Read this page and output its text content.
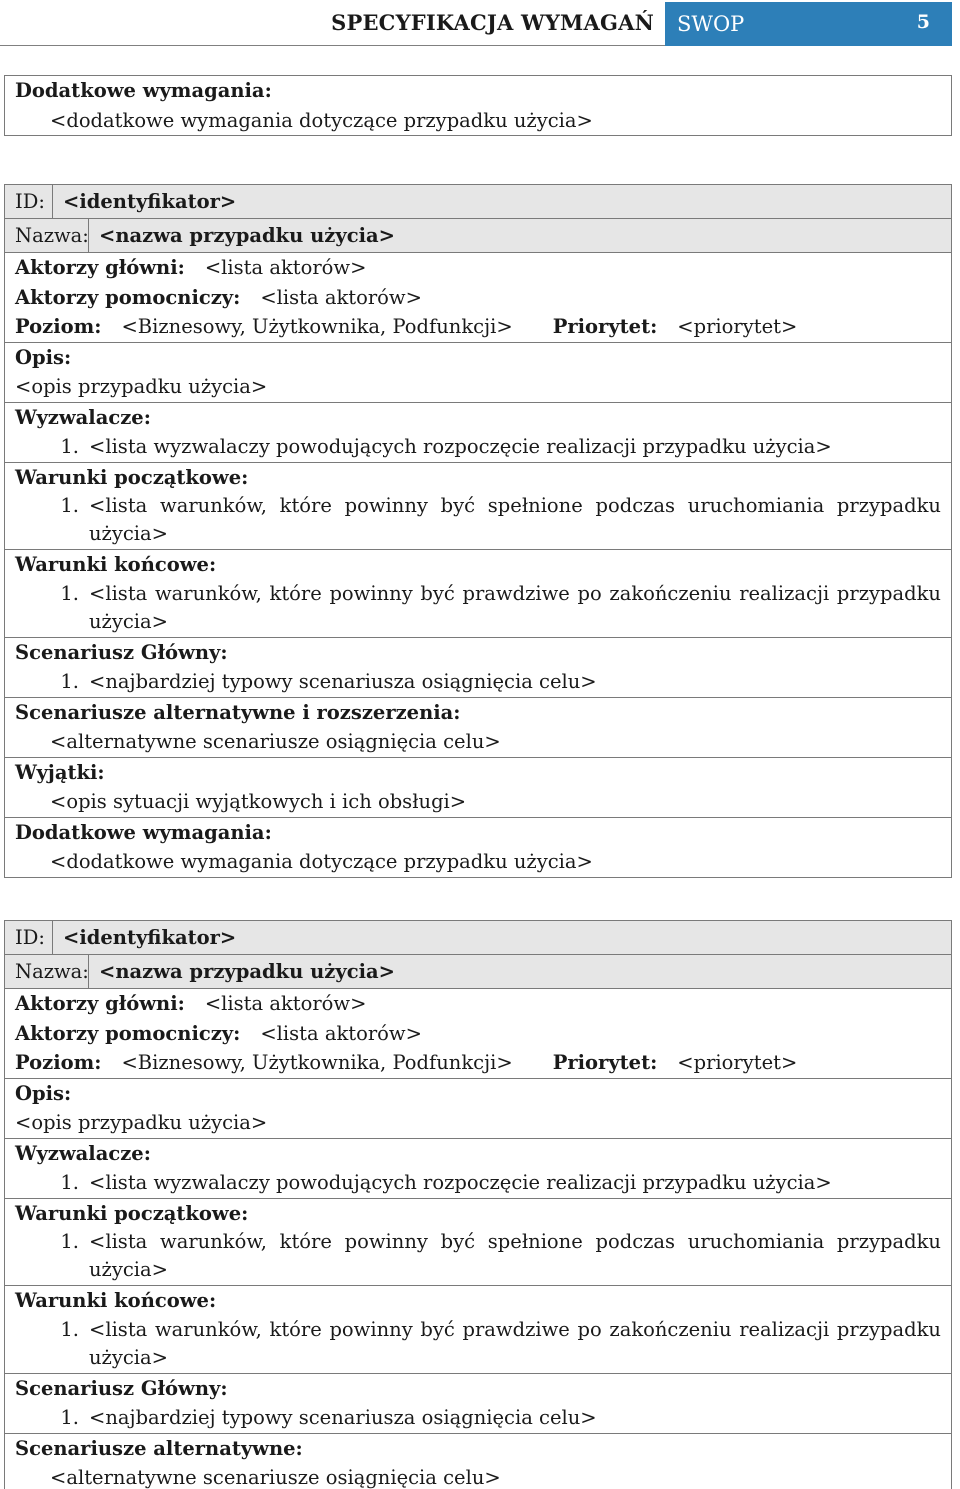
SPECYFIKACJA WYMAGAŃ SWOP	5
Dodatkowe wymagania:
<dodatkowe wymagania dotyczące przypadku użycia>
ID: <identyfikator>
Nazwa: <nazwa przypadku użycia>
Aktorzy główni: <lista aktorów>
Aktorzy pomocniczy: <lista aktorów>
Poziom: <Biznesowy, Użytkownika, Podfunkcji> Priorytet: <priorytet>
Opis:
<opis przypadku użycia>
Wyzwalacze:
1. <lista wyzwalaczy powodujących rozpoczęcie realizacji przypadku użycia>
Warunki początkowe:
1. <lista warunków, które powinny być spełnione podczas uruchomiania przypadku użycia>
Warunki końcowe:
1. <lista warunków, które powinny być prawdziwe po zakończeniu realizacji przypadku użycia>
Scenariusz Główny:
1. <najbardziej typowy scenariusza osiągnięcia celu>
Scenariusze alternatywne i rozszerzenia:
<alternatywne scenariusze osiągnięcia celu>
Wyjątki:
<opis sytuacji wyjątkowych i ich obsługi>
Dodatkowe wymagania:
<dodatkowe wymagania dotyczące przypadku użycia>
ID: <identyfikator>
Nazwa: <nazwa przypadku użycia>
Aktorzy główni: <lista aktorów>
Aktorzy pomocniczy: <lista aktorów>
Poziom: <Biznesowy, Użytkownika, Podfunkcji> Priorytet: <priorytet>
Opis:
<opis przypadku użycia>
Wyzwalacze:
1. <lista wyzwalaczy powodujących rozpoczęcie realizacji przypadku użycia>
Warunki początkowe:
1. <lista warunków, które powinny być spełnione podczas uruchomiania przypadku użycia>
Warunki końcowe:
1. <lista warunków, które powinny być prawdziwe po zakończeniu realizacji przypadku użycia>
Scenariusz Główny:
1. <najbardziej typowy scenariusza osiągnięcia celu>
Scenariusze alternatywne:
<alternatywne scenariusze osiągnięcia celu>
